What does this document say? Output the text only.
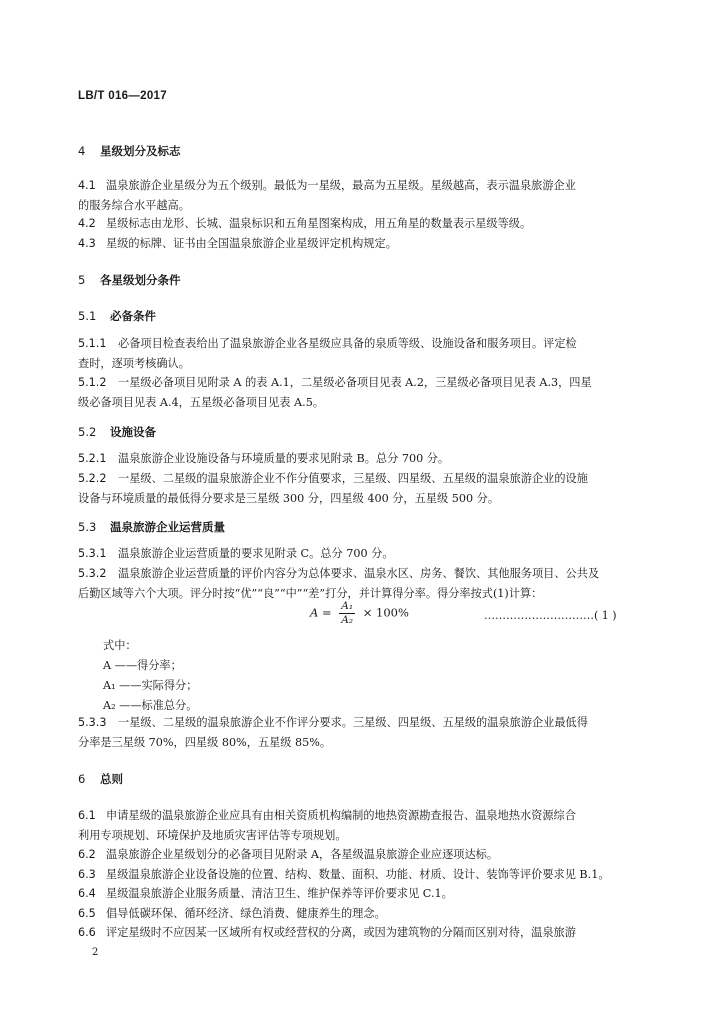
LB/T 016—2017
4 星级划分及标志
4.1 温泉旅游企业星级分为五个级别。最低为一星级，最高为五星级。星级越高，表示温泉旅游企业
的服务综合水平越高。
4.2 星级标志由龙形、长城、温泉标识和五角星图案构成，用五角星的数量表示星级等级。
4.3 星级的标牌、证书由全国温泉旅游企业星级评定机构规定。
5 各星级划分条件
5.1 必备条件
5.1.1 必备项目检查表给出了温泉旅游企业各星级应具备的泉质等级、设施设备和服务项目。评定检
查时，逐项考核确认。
5.1.2 一星级必备项目见附录 A 的表 A.1，二星级必备项目见表 A.2，三星级必备项目见表 A.3，四星
级必备项目见表 A.4，五星级必备项目见表 A.5。
5.2 设施设备
5.2.1 温泉旅游企业设施设备与环境质量的要求见附录 B。总分 700 分。
5.2.2 一星级、二星级的温泉旅游企业不作分值要求，三星级、四星级、五星级的温泉旅游企业的设施
设备与环境质量的最低得分要求是三星级 300 分，四星级 400 分，五星级 500 分。
5.3 温泉旅游企业运营质量
5.3.1 温泉旅游企业运营质量的要求见附录 C。总分 700 分。
5.3.2 温泉旅游企业运营质量的评价内容分为总体要求、温泉水区、房务、餐饮、其他服务项目、公共及
后勤区域等六个大项。评分时按“优”“良”“中”“差”打分，并计算得分率。得分率按式(1)计算：
$A = \frac{\text{A₁}}{\text{A₂}} \times 100\%$	…………………………( 1 )
式中：
A ——得分率；
A₁ ——实际得分；
A₂ ——标准总分。
5.3.3 一星级、二星级的温泉旅游企业不作评分要求。三星级、四星级、五星级的温泉旅游企业最低得
分率是三星级 70%，四星级 80%，五星级 85%。
6 总则
6.1 申请星级的温泉旅游企业应具有由相关资质机构编制的地热资源勘查报告、温泉地热水资源综合
利用专项规划、环境保护及地质灾害评估等专项规划。
6.2 温泉旅游企业星级划分的必备项目见附录 A，各星级温泉旅游企业应逐项达标。
6.3 星级温泉旅游企业设备设施的位置、结构、数量、面积、功能、材质、设计、装饰等评价要求见 B.1。
6.4 星级温泉旅游企业服务质量、清洁卫生、维护保养等评价要求见 C.1。
6.5 倡导低碳环保、循环经济、绿色消费、健康养生的理念。
6.6 评定星级时不应因某一区域所有权或经营权的分离，或因为建筑物的分隔而区别对待，温泉旅游
2
